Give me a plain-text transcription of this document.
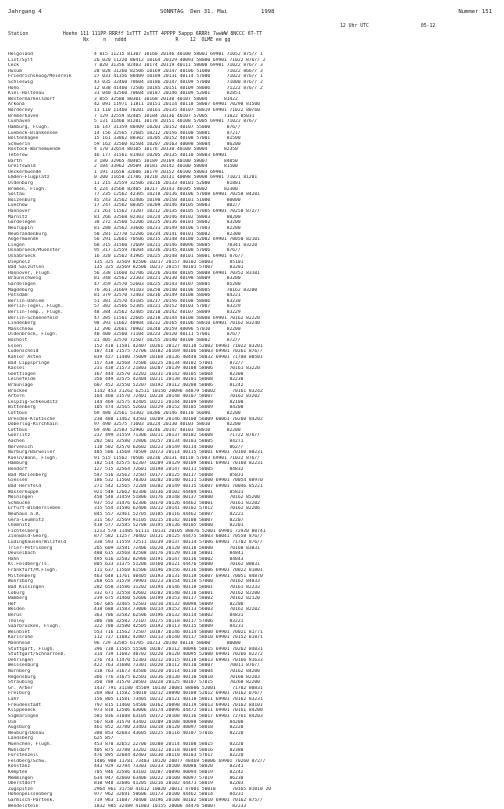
Jahrgang 4	SONNTAG  Den 31. Mai          1998	Nummer 151
12 Uhr UTC                  05-12
Station            Hoehe 111 111PP RRRff 1sTTT 2sTTT 4PPPP 5appp 6RRRt 7wwWW 8NCCC 6T-TT
Nx     n   nddd                 R    12  OLME ee gg
Helgoland	4 015 11215 81307 10160 20146 40100 58001 69901 71052 875// 1
List/Sylt	26 020 11220 80412 10164 20129 40093 58000 69901 71022 876// 2
Leck	7 020 31356 82403 10174 20119 40111 58000 69901 71022 876// 3
Husum	28 028 31260 82506 10169 20147 40106 51000      71022 866// 3
Friedrichskoog/Meiereik	27 033 41356 80409 10189 20131 40114 57000      71022 876// 1
Schleswig	43 035 32460 70604 10186 20147 40109 57000      71000 876// 2
Hoho	12 038 41460 72506 10185 20151 40109 58006      71222 876// 2
Kiel-Holtenau	31 040 42560 70604 10187 20146 40109 52001      82851
Westermarkelsdorf	3 055 32580 80301 10168 20130 40107 58004      81422
Arkona	42 091 11971 11811 10151 20114 40118 58007 69901 70298 81500
Norderney	11 110 11460 70201 10161 20135 40107 58019 69901 71022 80/60
Bremerhaven	7 129 32559 82405 10184 20136 40107 57005      71022 85031
Cuxhaven	5 131 11460 81201 10178 20151 40108 57005 69901 71022 876//
Hamburg, Flugh.	16 147 31359 80409 10203 20152 40107 55000      876//
Luebeck-Blankensee	14 156 32565 72605 10212 20156 40100 58001      8721/
Boltenhagen	15 161 33862 80302 10205 20152 40108 57001      81500
Schwerin	59 162 32560 82504 10207 20163 40098 58004      86200
Rostock-Warnemuende	4 170 32654 80105 10176 20130 40100 58004      82350
Teterow	46 177 31561 81403 10205 20135 40110 58003 69901
Barth	3 180 32965 40405 10189 20169 40100 58007      84050
Greifswald	2 184 33962 20509 10181 20142 40100 58004      81500
Ueckermuende	1 191 31658 32606 10179 20152 40100 58003 69901
Emden-Flugplatz	0 200 11658 21706 10210 20131 40098 58008 69901 71021 81201
Oldenburg	11 215 32559 32506 10216 20133 40101 52000      81801
Bremen, Flugh.	4 224 32560 82405 10217 20143 40105 58002      82300
Soltau	77 235 12562 42305 10218 20136 40106 57008 69901 70258 84201
Boizenburg	45 243 32562 62406 10190 20158 40101 51000      80000
Luechow	17 247 32562 80305 10209 20146 40105 58003      802//
Hannover	21 261 11562 73207 10212 20135 40105 57005 69901 70258 872//
Marnitz	81 266 32568 82303 10224 20146 40102 58003      80200
Gardelegen	38 272 32560 52206 10225 20136 40101 58002      83200
Neuruppin	81 280 32562 33606 10231 20149 40106 57003      82200
Neubrandenburg	50 281 12770 52206 10234 20141 40101 58002      82300
Angermuende	56 291 12661 70506 10215 20148 40100 52002 69901 70050 82101
Lingen	68 315 31560 72609 10211 20146 40096 58005      70341 83220
Osnabrueck/Muenster	95 317 12559 70204 10236 20145 40100 57006      876//
Osnabrueck	16 320 12562 41905 10225 20148 40101 58001 69901 876//
Diepholz	135 325 32569 82506 10217 20157 40102 58003      85101
Bad Salzuflen	135 325 32569 82506 10217 20157 40101 57007      83201
Hannover, Flugh.	56 338 11668 62706 10226 20148 40105 58008 69901 70352 83101
Braunschweig	81 348 32562 22303 10221 20130 40198 58009      83200
Gardelegen	47 359 32570 52603 10225 20143 40107 58005      85200
Magdeburg	76 361 31669 91103 10250 20140 40106 58005      70162 83200
Potsdam	81 379 32570 72403 10216 20149 40108 58006      84221
Berlin-Dahlem	51 381 32570 43105 10217 20156 40108 58006      83230
Berlin-Tegel, Flugh.	57 382 32566 52305 10221 20152 40103 57007      83229
Berlin-Temp., Flugh.	48 384 32562 42405 10210 20142 40107 58009      83229
Berlin-Schoenefeld	47 385 11561 22605 10218 20144 40108 58008 69901 70162 82220
Lindenberg	98 393 11662 40904 10232 20165 40106 58010 69901 70162 83240
Manschnow	12 396 32661 70902 10240 20159 40096 57010      82200
Oldenbrock, Flugh.	40 400 32560 71104 10223 20120 40111 57001      876//
Bocholt	21 405 32570 72507 10255 20140 40108 58002      872//
Essen	152 410 11581 42407 10261 20127 40118 52002 69901 71022 83201
Lüdenscheid	187 418 21575 72706 10182 20169 40106 58003 69901 70261 876//
Kahler Asten	839 427 11480 75009 10168 20136 40448 58032 69901 71788 80501
Bad Lippspringe	157 430 32568 72506 10225 20134 40102 57001      872//
Kassel	231 438 21573 21803 10207 20139 40108 58006      70161 83220
Goettingen	167 444 32570 32202 10231 20142 40105 58004      82300
Leinefelde	356 449 32575 42404 10211 20138 40101 58008      82230
Braunlage	607 452 32550 52207 10192 20112 40208 58006      81242
Brocken	1142 453 21262 62511 10156 20096 44879 50002      70161 83242
Artern	164 460 31570 72401 10218 20148 40107 58007      70162 83202
Leipzig-Schkeuditz	144 469 32575 42405 10221 20144 40109 58008      82100
Wittenberg	105 474 32565 52603 10229 20152 40105 58009      84200
Cottbus	69 480 32561 53302 10206 20146 40110 56000      82200
Dresden-Klotzsche	230 488 11462 43503 10209 20146 40100 56009 60061 70260 84202
Doberlug-Kirchhain	97 490 32575 71603 10224 20130 40103 58010      82200
Cottbus	69 496 32583 52906 10246 20147 40103 58010      82200
Goerlitz	237 499 31559 71306 10211 20137 40102 56008      71722 876//
Aachen	202 501 32580 72806 10257 20134 40103 58005      84271
Nörvenich	118 502 42570 62602 10223 20149 40114 58000      862//
Nürburg/Barweiler	485 506 11568 70509 10173 20114 40115 58001 69901 70160 80231
Koeln/Bonn, Flugh.	91 515 11562 70506 10236 20131 40118 57003 69901 71022 876//
Hamburg	182 514 42575 62307 10209 20129 40109 58001 69901 70160 82231
Bendorf	127 515 32564 72601 10198 20147 40111 58005      84832
Bad Marienberg	547 516 32562 72507 10177 20125 40117 58008      85831
Giessen	186 532 11560 70303 10202 20140 40111 53000 69901 70054 88970
Bad Hersfeld	271 542 12565 72204 10202 20149 40115 56007 69901 70046 85221
Wasserkuppe	921 548 12662 82306 10136 20102 44404 58001      85831
Meiningen	450 548 31459 51806 10176 20148 40137 58000      70162 85200
Schmücke	937 552 31476 62306 10170 20126 44462 58001      70161 82202
Erfurt-Bindersleben	315 554 31586 62406 10212 20141 40102 57012      70162 82206
Neuhaus a.R.	845 557 32461 52705 10185 20116 44462 58007      82221
Gera-Leumnitz	311 567 32569 91105 10215 20142 40100 58007      82207
Chemnitz	418 577 32585 52708 10195 20136 40105 58000      82201
Fichtelberg	1213 578 11485 61111 10131 20105 88076 52001 69901 72920 80741
Zinnwald-Georg.	877 582 11257 70402 10131 20125 44475 58003 60041 70558 876//
Lüdinghausen/Wilzfeld	330 593 11559 72511 10239 20137 40114 57006 69901 71702 876//
Trier-Petrisberg	265 609 32581 72406 10220 20120 40110 58000      70160 83831
Deuselbach	480 615 32568 42508 10176 20129 40118 58001      84841
Hahn	495 616 32582 82906 10191 20147 40116 58002      84843
Kl.Feldberg/Ts.	805 633 31375 51206 10160 20121 44476 58000      70162 80831
Frankfurt/M.Flugh.	111 637 11568 61506 10196 20156 40116 58006 69901 70022 81801
Miltenberg	463 648 11761 40405 10193 20131 40118 56007 69901 70051 84870
Wuerzburg	268 655 31578 70903 10223 20154 40118 57000      70162 84833
Bad Kissingen	282 658 31586 31202 10194 20146 40118 58001      70161 82233
Coburg	332 671 32558 42602 10202 20140 40110 58001      70162 82200
Bamberg	239 675 31460 52606 10199 20153 40117 58002      70162 82120
Hof	567 685 32465 52503 10210 20132 40098 58009      82200
Weiden	438 688 31583 73006 10214 20152 40113 56003      70162 82202
Berus	363 706 32582 62506 10196 20132 40114 58002      84831
Tholey	386 706 32582 72107 10175 20118 40117 57006      83221
Saarbrücken, Flugh.	322 708 32580 42505 10192 20113 40115 58009      84231
Weinbiet	553 716 11562 72507 10187 20146 40114 58000 69901 70021 81/71
Karlsruhe	112 727 11682 42807 10213 20140 40117 58010 69901 70152 81871
Mannheim	96 729 32585 61705 10213 20140 40118 58000      80000
Stuttgart, Flugh.	396 738 11565 55506 10207 20112 40096 58015 69901 70262 84031
Stuttgart/Schnarrenb.	314 739 11682 40702 10220 20120 40095 52000 69901 70266 82272
Oehringen	276 743 11470 52303 10212 20115 40110 58013 69901 70166 81633
Weissenburg	422 763 31680 73301 10220 20112 40110 58007      70011 876//
Nürnberg	318 763 31673 43506 10220 20114 40110 58004      70162 84200
Regensburg	366 776 31675 62503 10236 20130 40110 58010      70160 82203
Straubing	350 788 31570 20503 10228 20125 40107 57015      70260 82200
Gr. Arber	1437 791 31180 45509 10130 20081 88006 52001      71702 80831
Freiburg	269 803 11582 54010 10212 20090 40108 52012 69901 70162 876//
Lahr	156 805 11581 73405 10212 20121 40118 58011 69901 70162 83231
Freudenstadt	797 815 11460 54506 10162 20098 40119 58013 69901 70162 84101
Klippeneck	973 818 12586 63006 10174 20096 44472 58011 69901 70161 84200
Sigmaringen	581 836 31688 63105 10172 20108 40116 58017 69901 72761 84203
Ulm	567 838 31570 43402 10209 20108 40098 58000      84200
Augsburg	461 852 32780 23403 10218 20120 40097 58018      82220
Neuburg/Donau	380 853 42683 43605 10225 20116 40107 57016      82220
Landsberg	625 857
Muenchen, Flugh.	453 870 32652 22706 10208 20114 40108 58015      82220
Mühldorf	405 875 32788 33202 10212 20118 40104 58016      82380
Fürstenzell	476 895 32684 42403 10230 20110 40103 57017      82220
Feldberg/Schw.	1486 908 11781 73403 10120 20077 48469 58006 69901 70260 872//
Konstanz	443 929 32784 73303 10233 20100 40088 58020      82241
Kempten	705 946 32586 43102 10207 20090 40094 58019      82242
Memmingen	634 947 42660 63406 10222 20100 40097 57019      86230
Oberstdorf	810 948 32686 41205 10216 20102 44471 58019      82203
Zugspitze	2964 961 31750 41612 10020 20011 47001 58010      70165 81010 20
Hohenpeissenberg	977 962 32691 50606 10173 20100 44462 58014      84231
Garmisch-Partenk.	719 963 11687 70400 10196 20108 40102 58010 69901 70162 875//
Wendelstein	1832 985 32489 41803 10155 20006 44476 58007      82233
